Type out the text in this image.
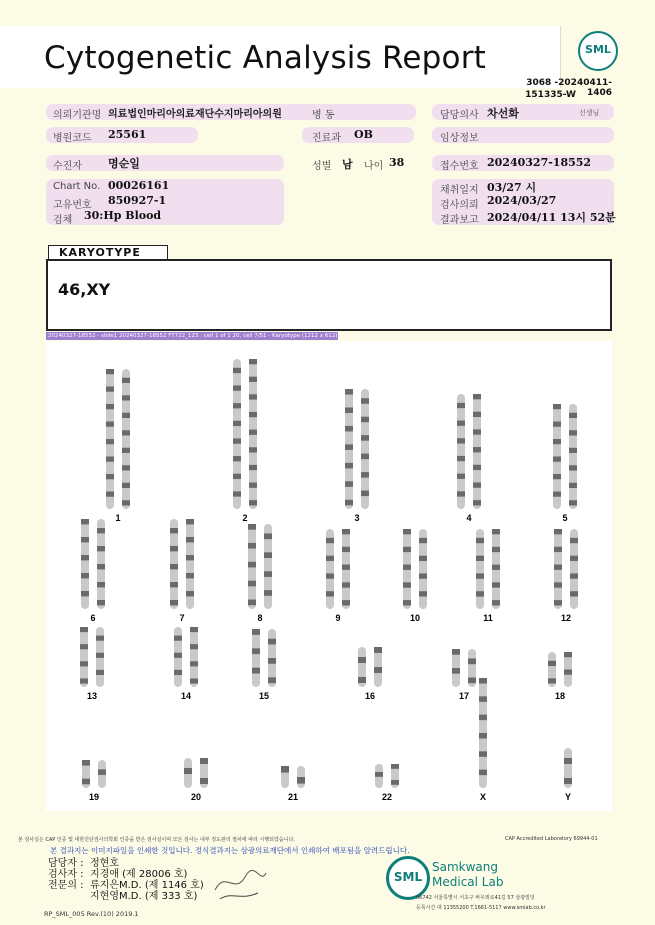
Cytogenetic Analysis Report	SML
3068 -20240411-1406
151335-W
의뢰기관명 의료법인마리아의료재단수지마리아의원	병 동	담당의사 차선화	선생님
병원코드 25561	진료과 OB	임상정보
수진자 명순일	성별 남 나이 38	접수번호 20240327-18552
Chart No. 00026161
고유번호 850927-1
검체 30:Hp Blood
채취일지 03/27 시
검사의뢰 2024/03/27
결과보고 2024/04/11 13시 52분
KARYOTYPE
46,XY
20240327-18552 - slide1 20240327-18552 FT722_123 : cell 1 of 1 20, cell 7/51 - Karyotype (1212 x 612)
1	2	3	4	5
6	7	8	9	10	11	12
13	14	15	16	17	18
19	20	21	22	X	Y
본 검사실은 CAP 인증 및 대한진단검사의학회 인증을 받은 검사실이며 모든 검사는 내부 정도관리 절차에 따라 시행되었습니다.	CAP Accredited Laboratory 69944-01
본 결과지는 이미지파일을 인쇄한 것입니다. 정식결과지는 삼광의료재단에서 인쇄하여 배포됨을 알려드립니다.
담당자 : 정현호
검사자 : 지경애 (제 28006 호)
전문의 : 류지은M.D. (제 1146 호)
지현영M.D. (제 333 호)
SML
Samkwang
Medical Lab
06742 서울특별시 서초구 바우뫼로41길 57 삼광빌딩
등록시간 대 11355200 T.1661-5117 www.smlab.co.kr
RP_SML_005 Rev.(10) 2019.1
